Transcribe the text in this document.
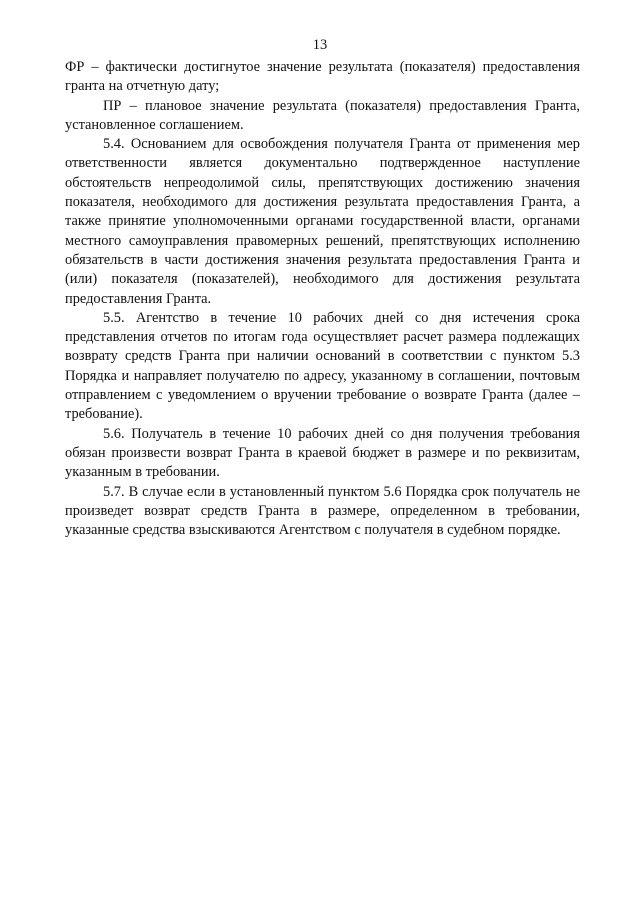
13

ФР – фактически достигнутое значение результата (показателя) предоставления гранта на отчетную дату;

ПР – плановое значение результата (показателя) предоставления Гранта, установленное соглашением.

5.4. Основанием для освобождения получателя Гранта от применения мер ответственности является документально подтвержденное наступление обстоятельств непреодолимой силы, препятствующих достижению значения показателя, необходимого для достижения результата предоставления Гранта, а также принятие уполномоченными органами государственной власти, органами местного самоуправления правомерных решений, препятствующих исполнению обязательств в части достижения значения результата предоставления Гранта и (или) показателя (показателей), необходимого для достижения результата предоставления Гранта.

5.5. Агентство в течение 10 рабочих дней со дня истечения срока представления отчетов по итогам года осуществляет расчет размера подлежащих возврату средств Гранта при наличии оснований в соответствии с пунктом 5.3 Порядка и направляет получателю по адресу, указанному в соглашении, почтовым отправлением с уведомлением о вручении требование о возврате Гранта (далее – требование).

5.6. Получатель в течение 10 рабочих дней со дня получения требования обязан произвести возврат Гранта в краевой бюджет в размере и по реквизитам, указанным в требовании.

5.7. В случае если в установленный пунктом 5.6 Порядка срок получатель не произведет возврат средств Гранта в размере, определенном в требовании, указанные средства взыскиваются Агентством с получателя в судебном порядке.
